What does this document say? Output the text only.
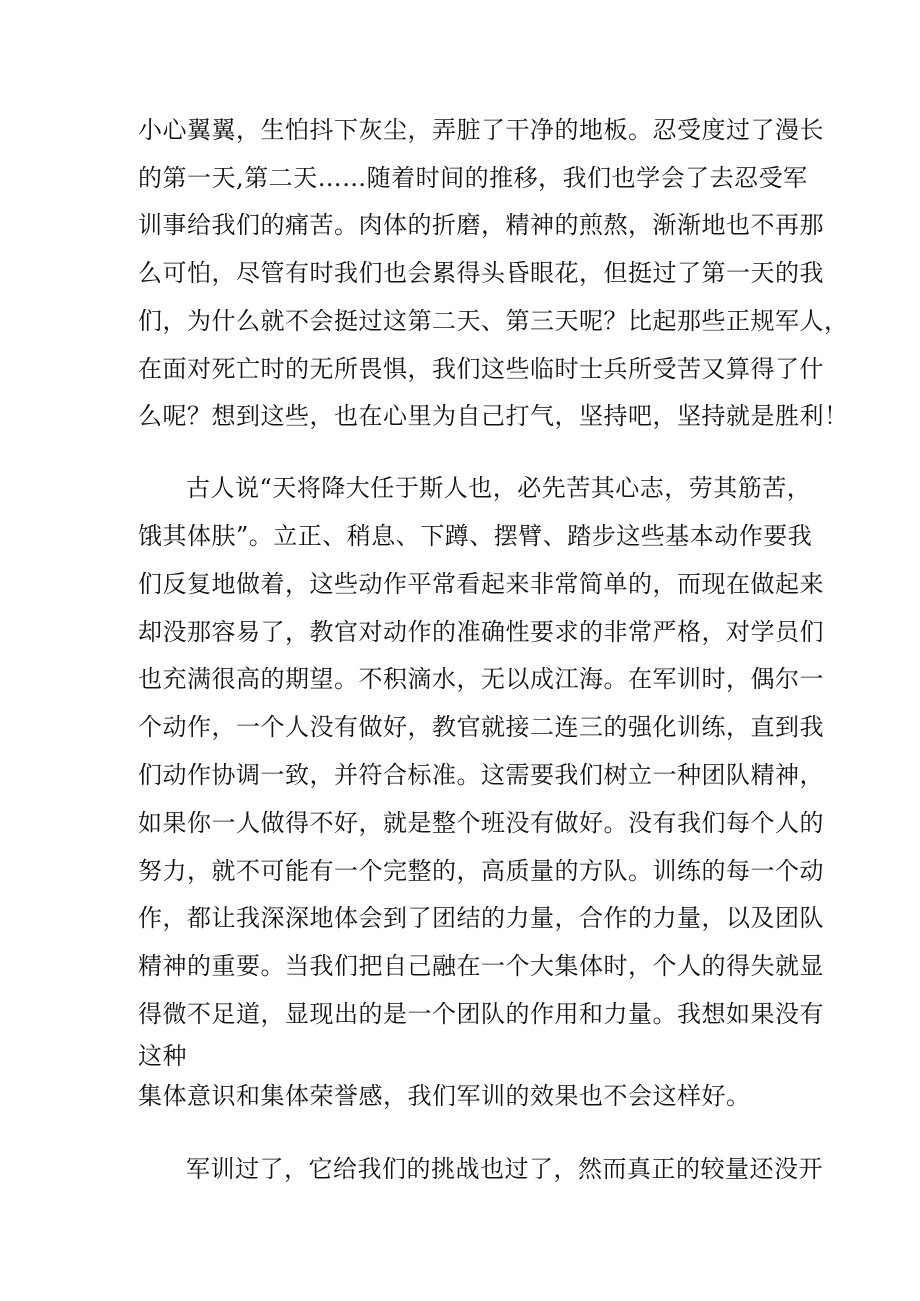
小心翼翼，生怕抖下灰尘，弄脏了干净的地板。忍受度过了漫长
的第一天,第二天……随着时间的推移，我们也学会了去忍受军
训事给我们的痛苦。肉体的折磨，精神的煎熬，渐渐地也不再那
么可怕，尽管有时我们也会累得头昏眼花，但挺过了第一天的我
们，为什么就不会挺过这第二天、第三天呢？比起那些正规军人，
在面对死亡时的无所畏惧，我们这些临时士兵所受苦又算得了什
么呢？想到这些，也在心里为自己打气，坚持吧，坚持就是胜利！
古人说“天将降大任于斯人也，必先苦其心志，劳其筋苦，
饿其体肤”。立正、稍息、下蹲、摆臂、踏步这些基本动作要我
们反复地做着，这些动作平常看起来非常简单的，而现在做起来
却没那容易了，教官对动作的准确性要求的非常严格，对学员们
也充满很高的期望。不积滴水，无以成江海。在军训时，偶尔一
个动作，一个人没有做好，教官就接二连三的强化训练，直到我
们动作协调一致，并符合标准。这需要我们树立一种团队精神，
如果你一人做得不好，就是整个班没有做好。没有我们每个人的
努力，就不可能有一个完整的，高质量的方队。训练的每一个动
作，都让我深深地体会到了团结的力量，合作的力量，以及团队
精神的重要。当我们把自己融在一个大集体时，个人的得失就显
得微不足道，显现出的是一个团队的作用和力量。我想如果没有
这种
集体意识和集体荣誉感，我们军训的效果也不会这样好。
军训过了，它给我们的挑战也过了，然而真正的较量还没开
